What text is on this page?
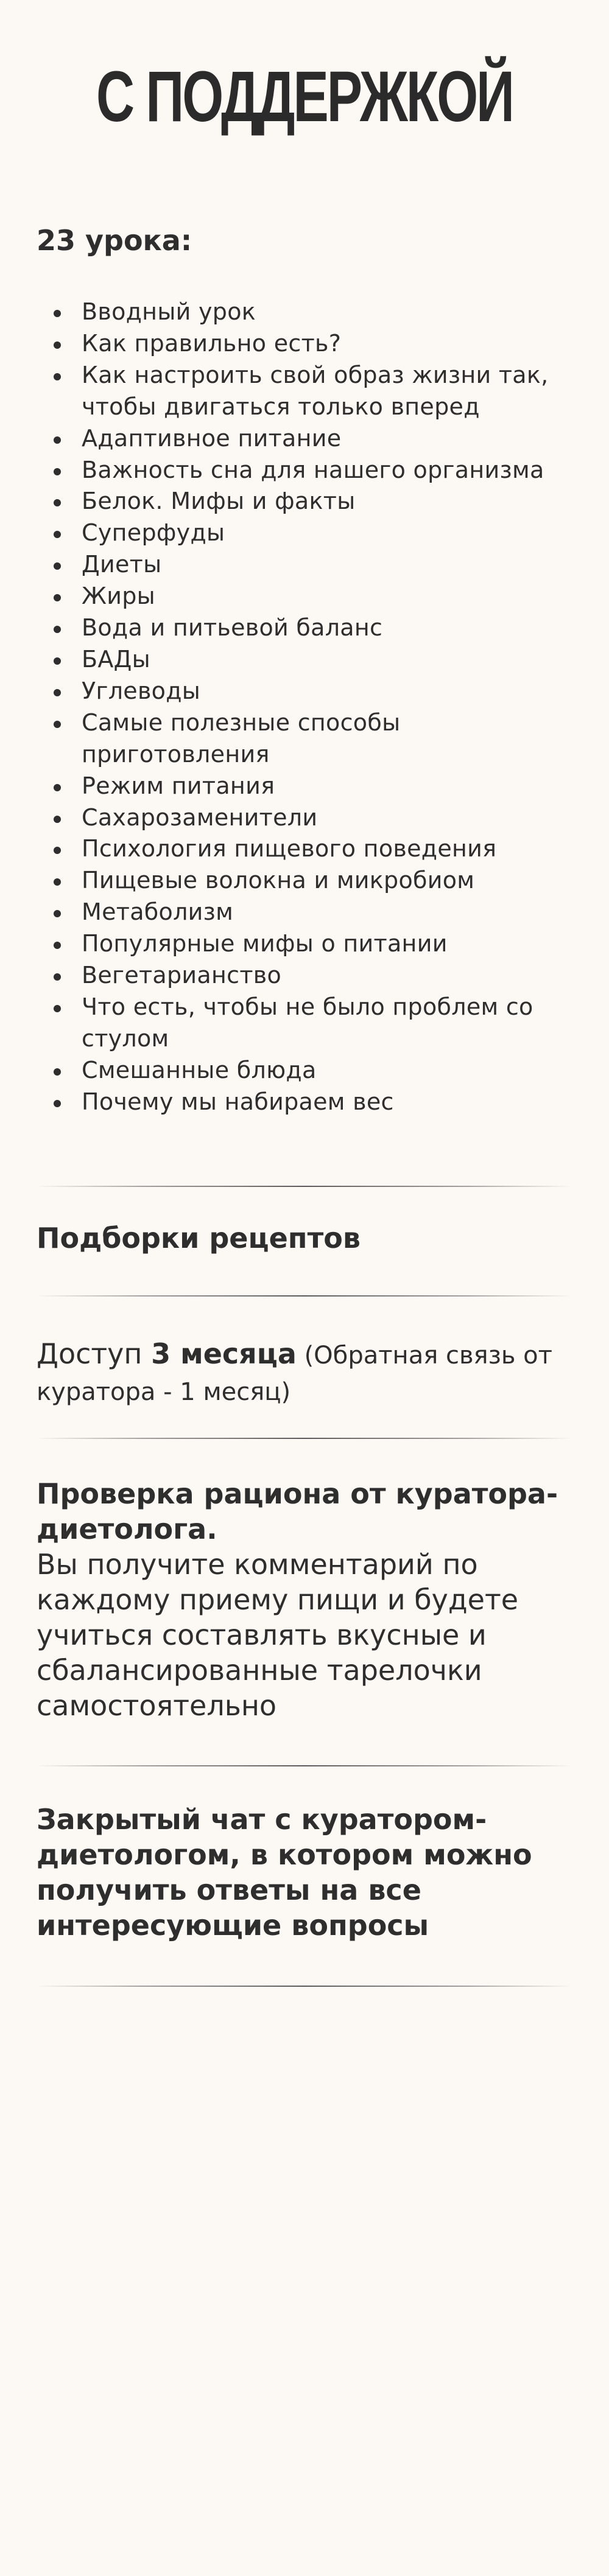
С ПОДДЕРЖКОЙ
23 урока:
Вводный урок
Как правильно есть?
Как настроить свой образ жизни так, чтобы двигаться только вперед
Адаптивное питание
Важность сна для нашего организма
Белок. Мифы и факты
Суперфуды
Диеты
Жиры
Вода и питьевой баланс
БАДы
Углеводы
Самые полезные способы приготовления
Режим питания
Сахарозаменители
Психология пищевого поведения
Пищевые волокна и микробиом
Метаболизм
Популярные мифы о питании
Вегетарианство
Что есть, чтобы не было проблем со стулом
Смешанные блюда
Почему мы набираем вес
Подборки рецептов
Доступ 3 месяца (Обратная связь от куратора - 1 месяц)
Проверка рациона от куратора-диетолога.
Вы получите комментарий по каждому приему пищи и будете учиться составлять вкусные и сбалансированные тарелочки самостоятельно
Закрытый чат с куратором-диетологом, в котором можно получить ответы на все интересующие вопросы
